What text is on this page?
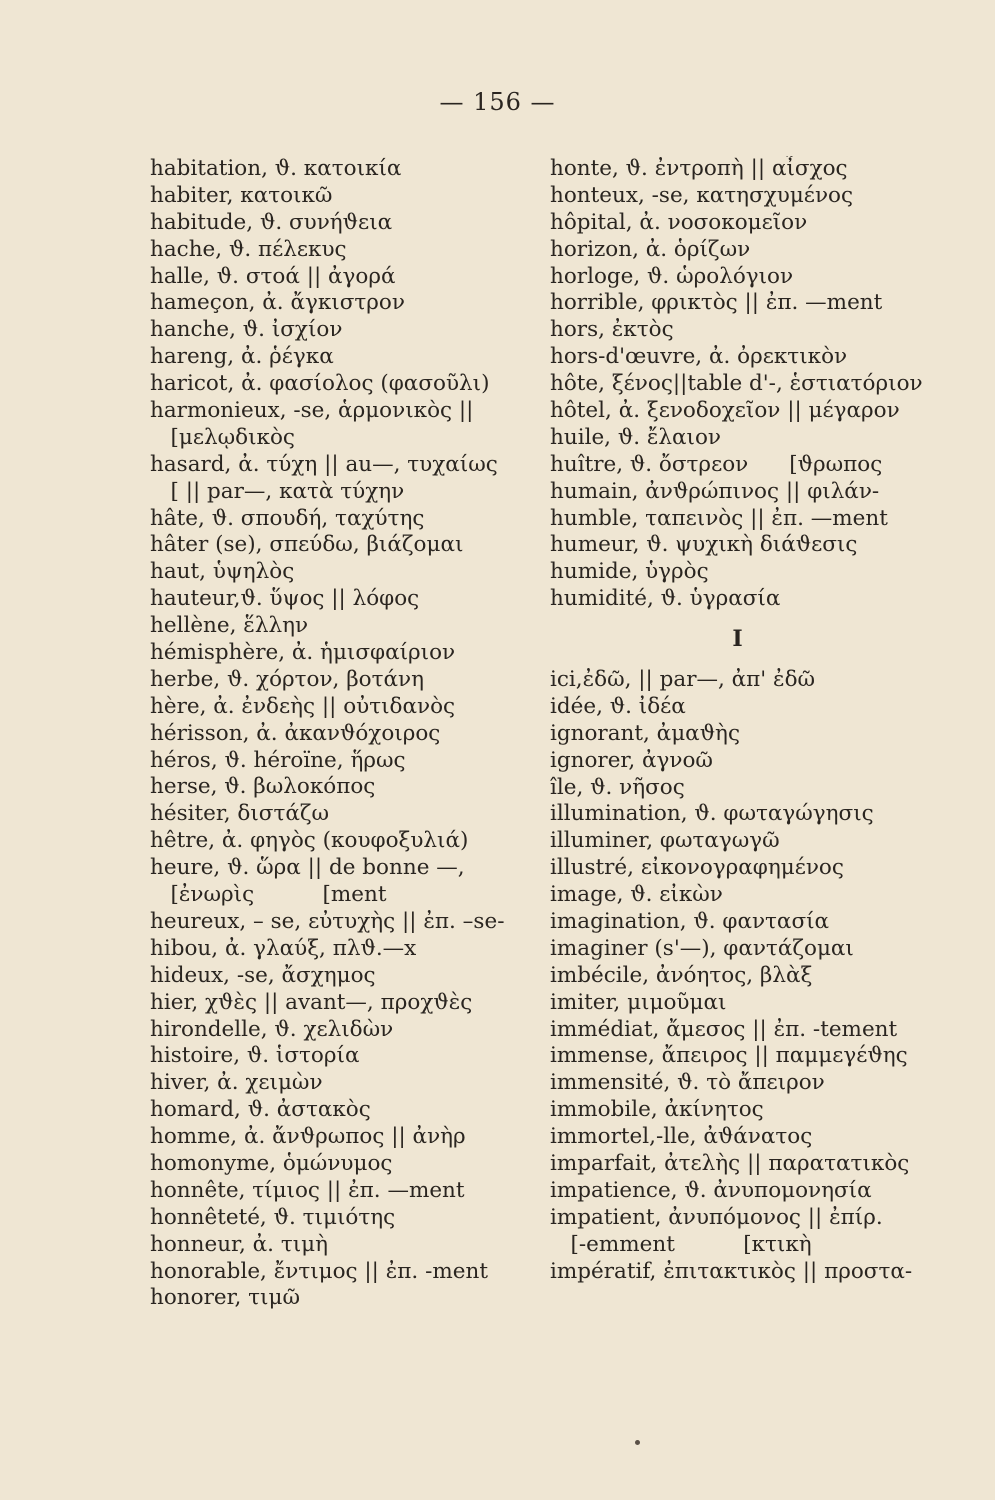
— 156 —
habitation, ϑ. κατοικία
habiter, κατοικῶ
habitude, ϑ. συνήϑεια
hache, ϑ. πέλεκυς
halle, ϑ. στοά || ἀγορά
hameçon, ἀ. ἄγκιστρον
hanche, ϑ. ἰσχίον
hareng, ἀ. ῥέγκα
haricot, ἀ. φασίολος (φασοῦλι)
harmonieux, -se, ἁρμονικὸς ||
[μελῳδικὸς
hasard, ἀ. τύχη || au—, τυχαίως
[ || par—, κατὰ τύχην
hâte, ϑ. σπουδή, ταχύτης
hâter (se), σπεύδω, βιάζομαι
haut, ὑψηλὸς
hauteur,ϑ. ὕψος || λόφος
hellène, ἕλλην
hémisphère, ἀ. ἡμισφαίριον
herbe, ϑ. χόρτον, βοτάνη
hère, ἀ. ἐνδεὴς || οὐτιδανὸς
hérisson, ἀ. ἀκανϑόχοιρος
héros, ϑ. héroïne, ἥρως
herse, ϑ. βωλοκόπος
hésiter, διστάζω
hêtre, ἀ. φηγὸς (κουφοξυλιά)
heure, ϑ. ὥρα || de bonne —,
[ἐνωρὶς          [ment
heureux, – se, εὐτυχὴς || ἐπ. –se-
hibou, ἀ. γλαύξ, πλϑ.—x
hideux, -se, ἄσχημος
hier, χϑὲς || avant—, προχϑὲς
hirondelle, ϑ. χελιδὼν
histoire, ϑ. ἱστορία
hiver, ἀ. χειμὼν
homard, ϑ. ἀστακὸς
homme, ἀ. ἄνϑρωπος || ἀνὴρ
homonyme, ὁμώνυμος
honnête, τίμιος || ἐπ. —ment
honnêteté, ϑ. τιμιότης
honneur, ἀ. τιμὴ
honorable, ἔντιμος || ἐπ. -ment
honorer, τιμῶ
honte, ϑ. ἐντροπὴ || αἶσχος
honteux, -se, κατησχυμένος
hôpital, ἀ. νοσοκομεῖον
horizon, ἀ. ὁρίζων
horloge, ϑ. ὡρολόγιον
horrible, φρικτὸς || ἐπ. —ment
hors, ἐκτὸς
hors-d'œuvre, ἀ. ὀρεκτικὸν
hôte, ξένος||table d'-, ἑστιατόριον
hôtel, ἀ. ξενοδοχεῖον || μέγαρον
huile, ϑ. ἔλαιον
huître, ϑ. ὄστρεον      [ϑρωπος
humain, ἀνϑρώπινος || φιλάν-
humble, ταπεινὸς || ἐπ. —ment
humeur, ϑ. ψυχικὴ διάϑεσις
humide, ὑγρὸς
humidité, ϑ. ὑγρασία
I
ici,ἐδῶ, || par—, ἀπ' ἐδῶ
idée, ϑ. ἰδέα
ignorant, ἀμαϑὴς
ignorer, ἀγνοῶ
île, ϑ. νῆσος
illumination, ϑ. φωταγώγησις
illuminer, φωταγωγῶ
illustré, εἰκονογραφημένος
image, ϑ. εἰκὼν
imagination, ϑ. φαντασία
imaginer (s'—), φαντάζομαι
imbécile, ἀνόητος, βλὰξ
imiter, μιμοῦμαι
immédiat, ἄμεσος || ἐπ. -tement
immense, ἄπειρος || παμμεγέϑης
immensité, ϑ. τὸ ἄπειρον
immobile, ἀκίνητος
immortel,-lle, ἀϑάνατος
imparfait, ἀτελὴς || παρατατικὸς
impatience, ϑ. ἀνυπομονησία
impatient, ἀνυπόμονος || ἐπίρ.
[-emment          [κτικὴ
impératif, ἐπιτακτικὸς || προστα-
